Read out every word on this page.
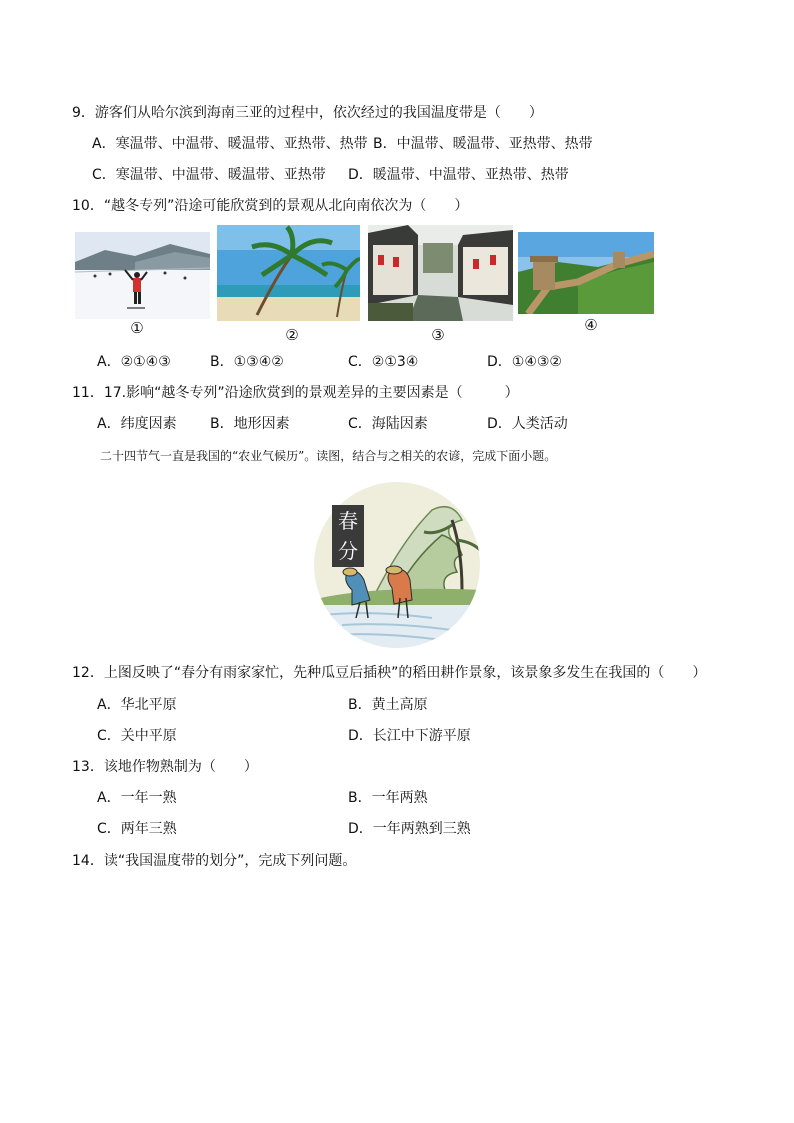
9．游客们从哈尔滨到海南三亚的过程中，依次经过的我国温度带是（　　）
A．寒温带、中温带、暖温带、亚热带、热带 B．中温带、暖温带、亚热带、热带
C．寒温带、中温带、暖温带、亚热带 D．暖温带、中温带、亚热带、热带
10．“越冬专列”沿途可能欣赏到的景观从北向南依次为（　　）
①	②	③
④
A．②①④③	B．①③④②	C．②①3④	D．①④③②
11．17.影响“越冬专列”沿途欣赏到的景观差异的主要因素是（　　　）
A．纬度因素 B．地形因素	C．海陆因素	D．人类活动
二十四节气一直是我国的“农业气候历”。读图，结合与之相关的农谚，完成下面小题。
春
分
12．上图反映了“春分有雨家家忙，先种瓜豆后插秧”的稻田耕作景象，该景象多发生在我国的（　　）
A．华北平原	B．黄土高原
C．关中平原	D．长江中下游平原
13．该地作物熟制为（　　）
A．一年一熟	B．一年两熟
C．两年三熟	D．一年两熟到三熟
14．读“我国温度带的划分”，完成下列问题。
